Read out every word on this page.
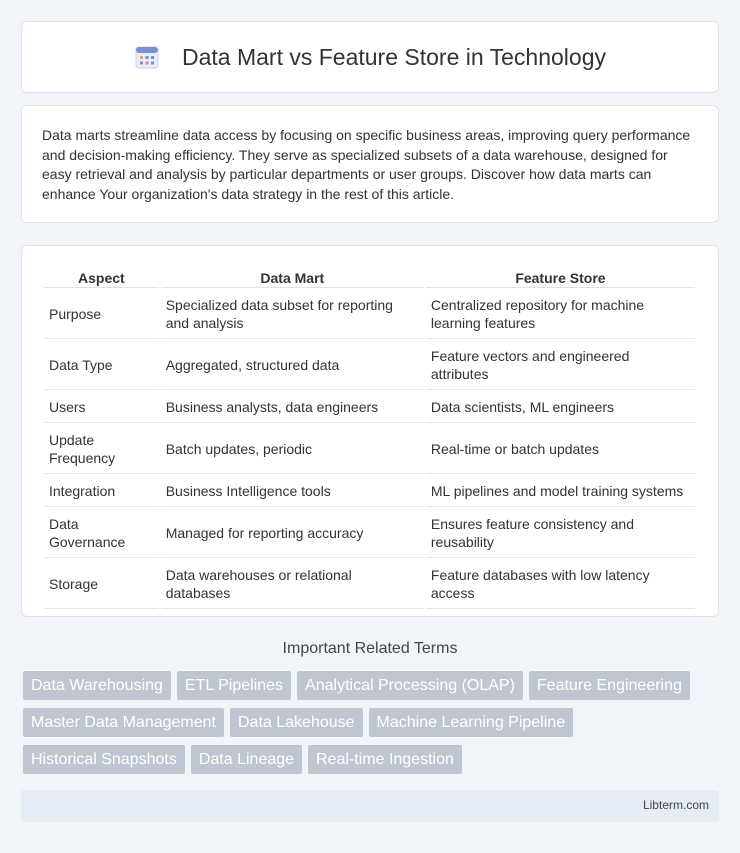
Data Mart vs Feature Store in Technology

Data marts streamline data access by focusing on specific business areas, improving query performance and decision-making efficiency. They serve as specialized subsets of a data warehouse, designed for easy retrieval and analysis by particular departments or user groups. Discover how data marts can enhance Your organization's data strategy in the rest of this article.

Aspect	Data Mart	Feature Store
Purpose	Specialized data subset for reporting and analysis	Centralized repository for machine learning features
Data Type	Aggregated, structured data	Feature vectors and engineered attributes
Users	Business analysts, data engineers	Data scientists, ML engineers
Update Frequency	Batch updates, periodic	Real-time or batch updates
Integration	Business Intelligence tools	ML pipelines and model training systems
Data Governance	Managed for reporting accuracy	Ensures feature consistency and reusability
Storage	Data warehouses or relational databases	Feature databases with low latency access
Important Related Terms
Data Warehousing	ETL Pipelines	Analytical Processing (OLAP)	Feature Engineering
Master Data Management	Data Lakehouse	Machine Learning Pipeline
Historical Snapshots	Data Lineage	Real-time Ingestion
Libterm.com
